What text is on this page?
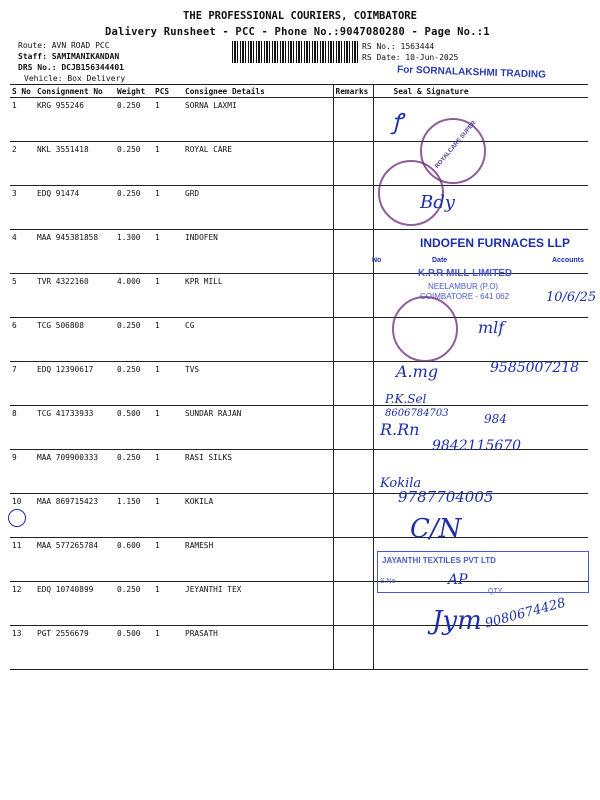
THE PROFESSIONAL COURIERS, COIMBATORE
Dalivery Runsheet - PCC - Phone No.:9047080280 - Page No.:1
Route: AVN ROAD PCC
Staff: SAMIMANIKANDAN
DRS No.: DCJB156344401
Vehicle: Box Delivery
RS No.: 1563444
RS Date: 10-Jun-2025
S No	Consignment No	Weight	PCS	Consignee Details	Remarks	Seal & Signature
1	KRG 955246	0.250	1	SORNA LAXMI		
2	NKL 3551418	0.250	1	ROYAL CARE		
3	EDQ 91474	0.250	1	GRD		
4	MAA 945381858	1.300	1	INDOFEN		
5	TVR 4322160	4.000	1	KPR MILL		
6	TCG 506808	0.250	1	CG		
7	EDQ 12390617	0.250	1	TVS		
8	TCG 41733933	0.500	1	SUNDAR RAJAN		
9	MAA 709900333	0.250	1	RASI SILKS		
10	MAA 869715423	1.150	1	KOKILA		
11	MAA 577265784	0.600	1	RAMESH		
12	EDQ 10740899	0.250	1	JEYANTHI TEX		
13	PGT 2556679	0.500	1	PRASATH		
For SORNALAKSHMI TRADING
ꝭ	ROYALCARE SUPER
Bdy
INDOFEN FURNACES LLP
No	Date	Accounts
K.P.R MILL LIMITED
NEELAMBUR (P.O)
COIMBATORE - 641 062	10/6/25
mlf
A.mg	9585007218
P.K.Sel
8606784703	984
R.Rn
9842115670
Kokila
9787704005
C/N
JAYANTHI TEXTILES PVT LTD
S.No
QTY
AP
Jym 9080674428
